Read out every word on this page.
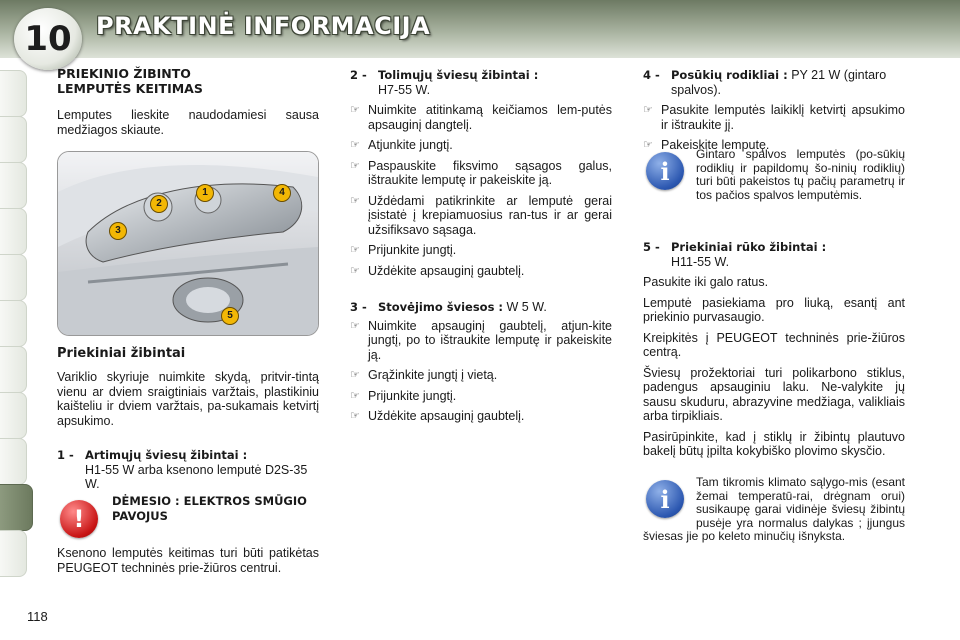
10	PRAKTINĖ INFORMACIJA

PRIEKINIO ŽIBINTO LEMPUTĖS KEITIMAS

Lemputes lieskite naudodamiesi sausa medžiagos skiaute.

1
2
3
4
5

Priekiniai žibintai

Variklio skyriuje nuimkite skydą, pritvir-tintą vienu ar dviem sraigtiniais varžtais, plastikiniu kaišteliu ir dviem varžtais, pa-sukamais ketvirtį apsukimo.

1 - Artimųjų šviesų žibintai :
H1-55 W arba ksenono lemputė D2S-35 W.
!

DĖMESIO : ELEKTROS SMŪGIO PAVOJUS

Ksenono lemputės keitimas turi būti patikėtas PEUGEOT techninės prie-žiūros centrui.
2 - Tolimųjų šviesų žibintai :
H7-55 W.

☞ Nuimkite atitinkamą keičiamos lem-putės apsauginį dangtelį.

☞ Atjunkite jungtį.

☞ Paspauskite fiksvimo sąsagos galus, ištraukite lemputę ir pakeiskite ją.

☞ Uždėdami patikrinkite ar lemputė gerai įsistatė į krepiamuosius ran-tus ir ar gerai užsifiksavo sąsaga.

☞ Prijunkite jungtį.

☞ Uždėkite apsauginį gaubtelį.

3 - Stovėjimo šviesos : W 5 W.

☞ Nuimkite apsauginį gaubtelį, atjun-kite jungtį, po to ištraukite lemputę ir pakeiskite ją.

☞ Grąžinkite jungtį į vietą.

☞ Prijunkite jungtį.

☞ Uždėkite apsauginį gaubtelį.

4 - Posūkių rodikliai : PY 21 W (gintaro spalvos).

☞ Pasukite lemputės laikiklį ketvirtį apsukimo ir ištraukite jį.

☞ Pakeiskite lemputę.

i
Gintaro spalvos lemputės (po-sūkių rodiklių ir papildomų šo-ninių rodiklių) turi būti pakeistos tų pačių parametrų ir tos pačios spalvos lemputėmis.
5 - Priekiniai rūko žibintai :
H11-55 W.

Pasukite iki galo ratus.

Lemputė pasiekiama pro liuką, esantį ant priekinio purvasaugio.

Kreipkitės į PEUGEOT techninės prie-žiūros centrą.

Šviesų prožektoriai turi polikarbono stiklus, padengus apsauginiu laku. Ne-valykite jų sausu skuduru, abrazyvine medžiaga, valikliais arba tirpikliais.

Pasirūpinkite, kad į stiklų ir žibintų plautuvo bakelį būtų įpilta kokybiško plovimo skysčio.

i
Tam tikromis klimato sąlygo-mis (esant žemai temperatū-rai, drėgnam orui) susikaupę garai vidinėje šviesų žibintų pusėje yra normalus dalykas ; įjungus šviesas jie po keleto minučių išnyksta.
118
